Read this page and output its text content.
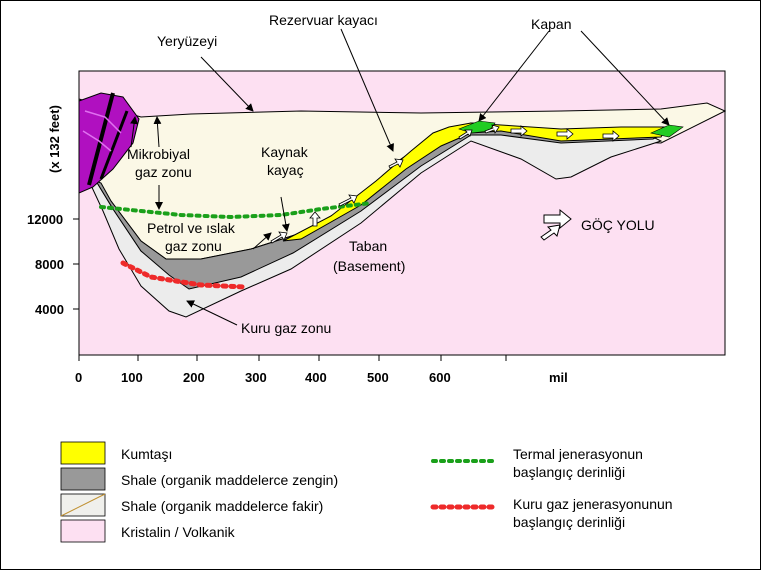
Yeryüzeyi
Rezervuar kayacı	Kapan
Mikrobiyal
gaz zonu
Kaynak
kayaç
Petrol ve ıslak
gaz zonu	Taban
(Basement)
Kuru gaz zonu
GÖÇ YOLU
(x 132 feet)
12000
8000
4000
0	100	200	300	400	500	600	mil
Kumtaşı
Shale (organik maddelerce zengin)
Shale (organik maddelerce fakir)
Kristalin / Volkanik
Termal jenerasyonun
başlangıç derinliği
Kuru gaz jenerasyonunun
başlangıç derinliği
